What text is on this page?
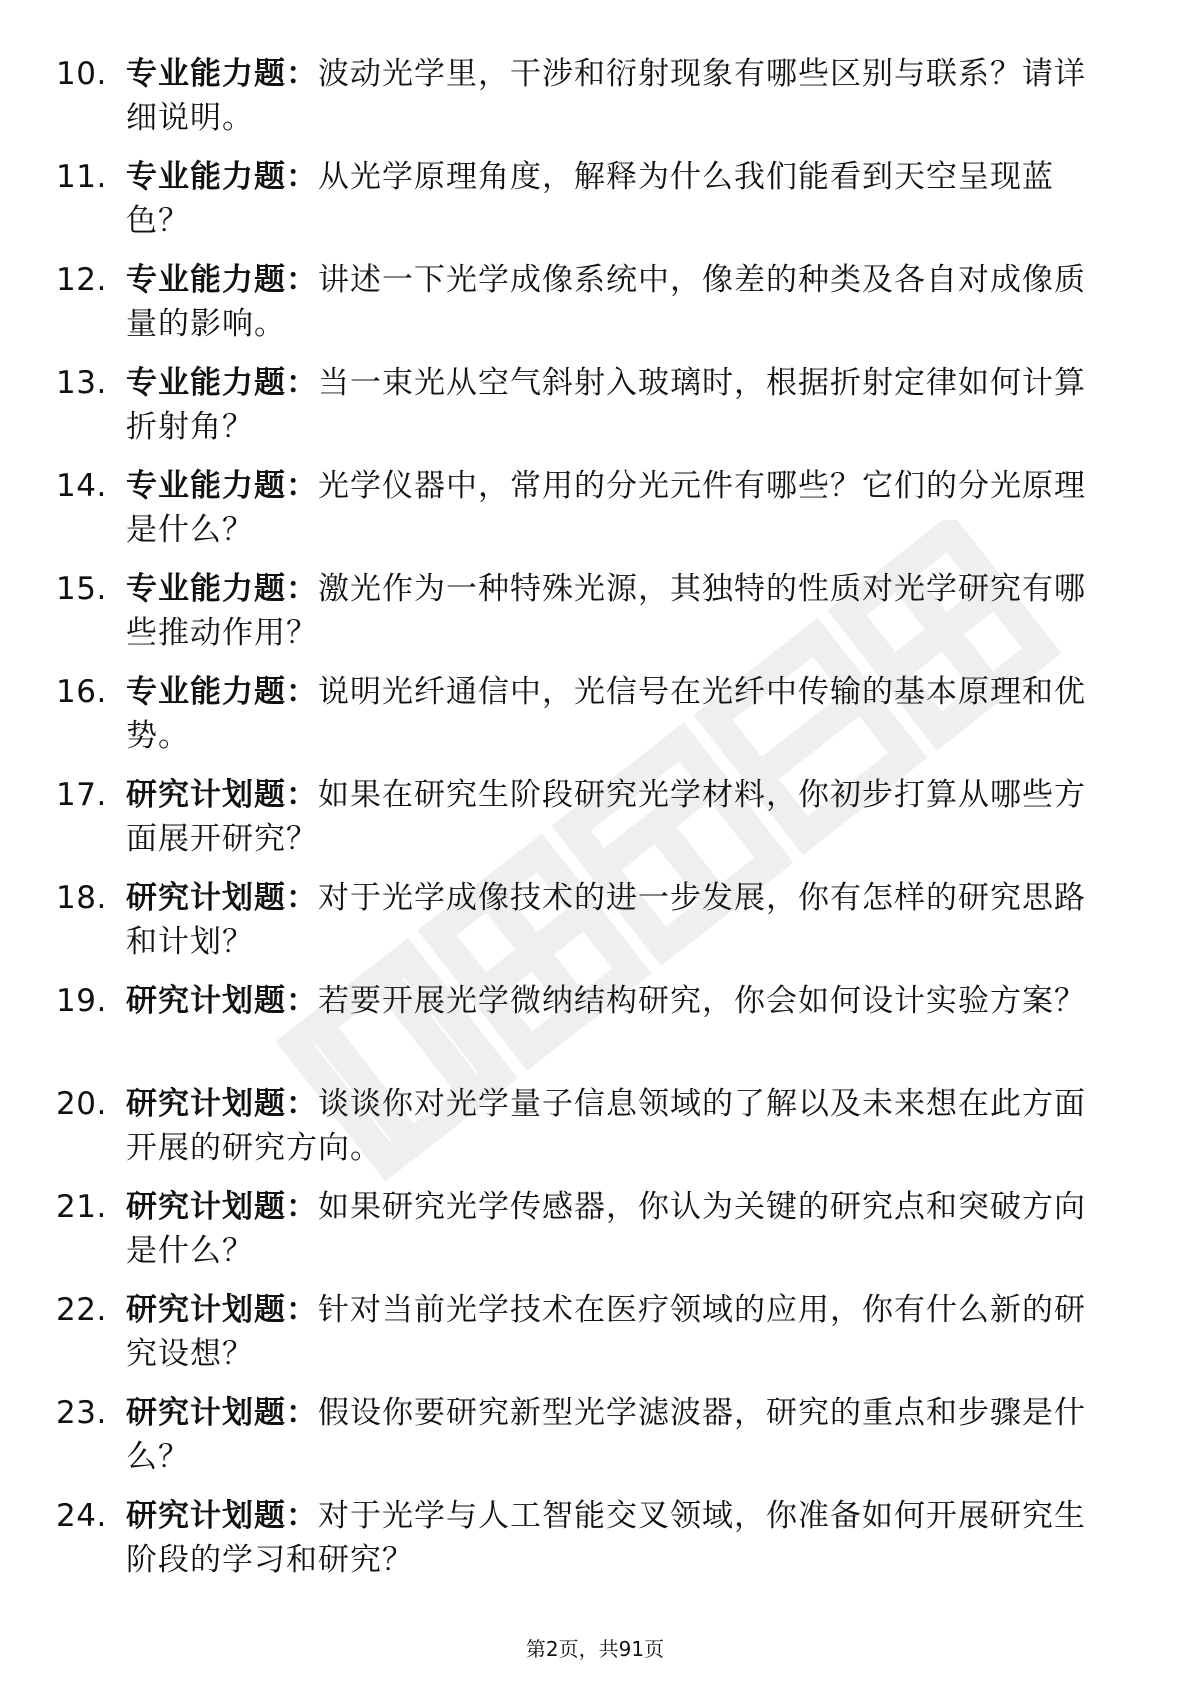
10. 专业能力题：波动光学里，干涉和衍射现象有哪些区别与联系？请详细说明。
11. 专业能力题：从光学原理角度，解释为什么我们能看到天空呈现蓝色？
12. 专业能力题：讲述一下光学成像系统中，像差的种类及各自对成像质量的影响。
13. 专业能力题：当一束光从空气斜射入玻璃时，根据折射定律如何计算折射角？
14. 专业能力题：光学仪器中，常用的分光元件有哪些？它们的分光原理是什么？
15. 专业能力题：激光作为一种特殊光源，其独特的性质对光学研究有哪些推动作用？
16. 专业能力题：说明光纤通信中，光信号在光纤中传输的基本原理和优势。
17. 研究计划题：如果在研究生阶段研究光学材料，你初步打算从哪些方面展开研究？
18. 研究计划题：对于光学成像技术的进一步发展，你有怎样的研究思路和计划？
19. 研究计划题：若要开展光学微纳结构研究，你会如何设计实验方案？
20. 研究计划题：谈谈你对光学量子信息领域的了解以及未来想在此方面开展的研究方向。
21. 研究计划题：如果研究光学传感器，你认为关键的研究点和突破方向是什么？
22. 研究计划题：针对当前光学技术在医疗领域的应用，你有什么新的研究设想？
23. 研究计划题：假设你要研究新型光学滤波器，研究的重点和步骤是什么？
24. 研究计划题：对于光学与人工智能交叉领域，你准备如何开展研究生阶段的学习和研究？
第2页，共91页
